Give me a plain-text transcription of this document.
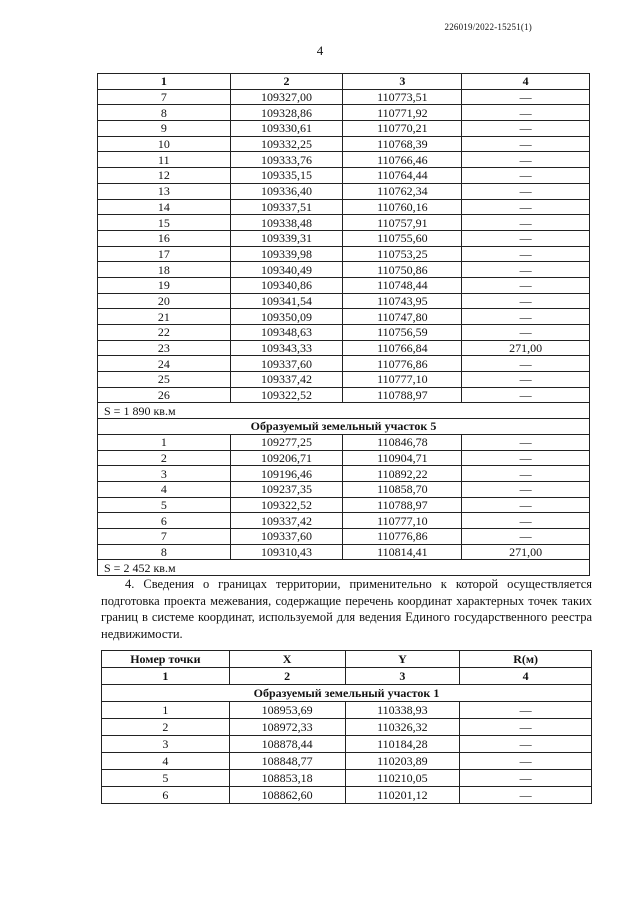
226019/2022-15251(1)
4
1	2	3	4
7	109327,00	110773,51	—
8	109328,86	110771,92	—
9	109330,61	110770,21	—
10	109332,25	110768,39	—
11	109333,76	110766,46	—
12	109335,15	110764,44	—
13	109336,40	110762,34	—
14	109337,51	110760,16	—
15	109338,48	110757,91	—
16	109339,31	110755,60	—
17	109339,98	110753,25	—
18	109340,49	110750,86	—
19	109340,86	110748,44	—
20	109341,54	110743,95	—
21	109350,09	110747,80	—
22	109348,63	110756,59	—
23	109343,33	110766,84	271,00
24	109337,60	110776,86	—
25	109337,42	110777,10	—
26	109322,52	110788,97	—
S = 1 890 кв.м			
Образуемый земельный участок 5			
1	109277,25	110846,78	—
2	109206,71	110904,71	—
3	109196,46	110892,22	—
4	109237,35	110858,70	—
5	109322,52	110788,97	—
6	109337,42	110777,10	—
7	109337,60	110776,86	—
8	109310,43	110814,41	271,00
S = 2 452 кв.м			

4. Сведения о границах территории, применительно к которой осуществляется подготовка проекта межевания, содержащие перечень координат характерных точек таких границ в системе координат, используемой для ведения Единого государственного реестра недвижимости.

Номер точки	X	Y	R(м)
1	2	3	4
Образуемый земельный участок 1			
1	108953,69	110338,93	—
2	108972,33	110326,32	—
3	108878,44	110184,28	—
4	108848,77	110203,89	—
5	108853,18	110210,05	—
6	108862,60	110201,12	—
